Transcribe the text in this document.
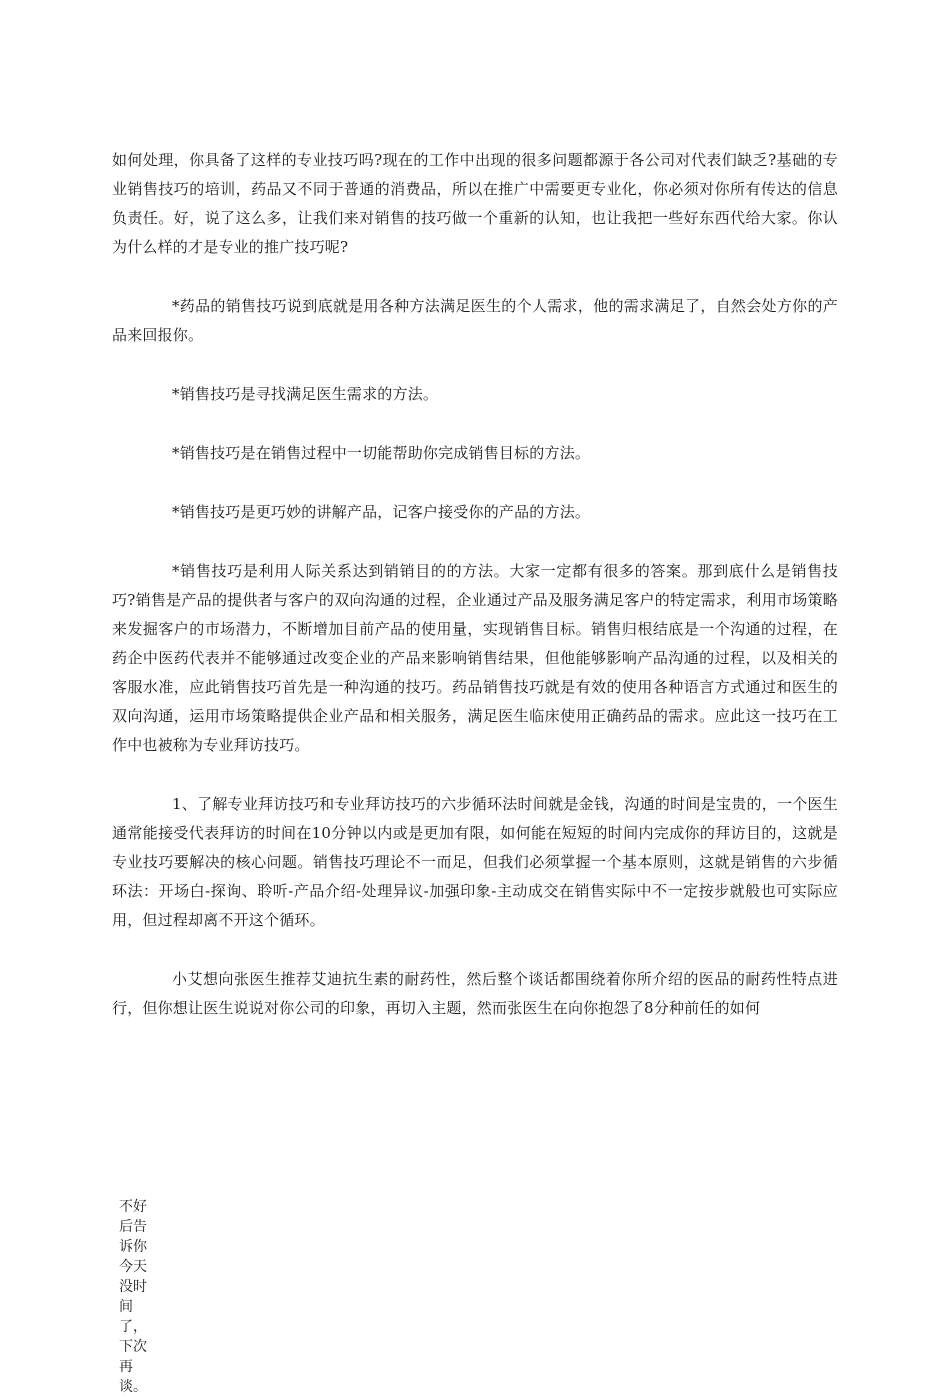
如何处理，你具备了这样的专业技巧吗?现在的工作中出现的很多问题都源于各公司对代表们缺乏?基础的专业销售技巧的培训，药品又不同于普通的消费品，所以在推广中需要更专业化，你必须对你所有传达的信息负责任。好，说了这么多，让我们来对销售的技巧做一个重新的认知，也让我把一些好东西代给大家。你认为什么样的才是专业的推广技巧呢?

*药品的销售技巧说到底就是用各种方法满足医生的个人需求，他的需求满足了，自然会处方你的产品来回报你。

*销售技巧是寻找满足医生需求的方法。

*销售技巧是在销售过程中一切能帮助你完成销售目标的方法。

*销售技巧是更巧妙的讲解产品，记客户接受你的产品的方法。

*销售技巧是利用人际关系达到销销目的的方法。大家一定都有很多的答案。那到底什么是销售技巧?销售是产品的提供者与客户的双向沟通的过程，企业通过产品及服务满足客户的特定需求，利用市场策略来发掘客户的市场潜力，不断增加目前产品的使用量，实现销售目标。销售归根结底是一个沟通的过程，在药企中医药代表并不能够通过改变企业的产品来影响销售结果，但他能够影响产品沟通的过程，以及相关的客服水准，应此销售技巧首先是一种沟通的技巧。药品销售技巧就是有效的使用各种语言方式通过和医生的双向沟通，运用市场策略提供企业产品和相关服务，满足医生临床使用正确药品的需求。应此这一技巧在工作中也被称为专业拜访技巧。

1、了解专业拜访技巧和专业拜访技巧的六步循环法时间就是金钱，沟通的时间是宝贵的，一个医生通常能接受代表拜访的时间在10分钟以内或是更加有限，如何能在短短的时间内完成你的拜访目的，这就是专业技巧要解决的核心问题。销售技巧理论不一而足，但我们必须掌握一个基本原则，这就是销售的六步循环法：开场白-探询、聆听-产品介绍-处理异议-加强印象-主动成交在销售实际中不一定按步就般也可实际应用，但过程却离不开这个循环。

小艾想向张医生推荐艾迪抗生素的耐药性，然后整个谈话都围绕着你所介绍的医品的耐药性特点进行，但你想让医生说说对你公司的印象，再切入主题，然而张医生在向你抱怨了8分种前任的如何

不好后告诉你今天没时间了，下次再谈。
